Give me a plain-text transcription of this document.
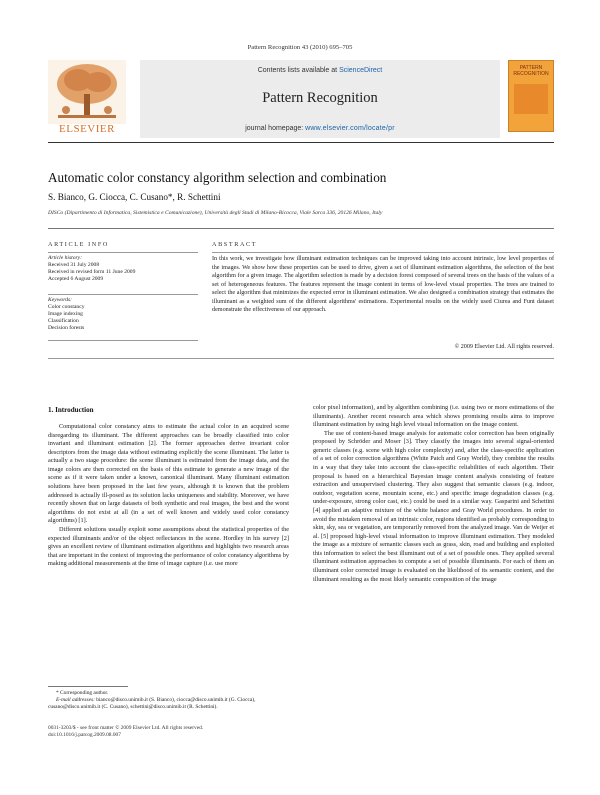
Pattern Recognition 43 (2010) 695–705
Contents lists available at ScienceDirect
Pattern Recognition
journal homepage: www.elsevier.com/locate/pr
ELSEVIER
PATTERN RECOGNITION
Automatic color constancy algorithm selection and combination
S. Bianco, G. Ciocca, C. Cusano*, R. Schettini
DISCo (Dipartimento di Informatica, Sistemistica e Comunicazione), Università degli Studi di Milano-Bicocca, Viale Sarca 336, 20126 Milano, Italy
ARTICLE INFO
Article history:
Received 31 July 2008
Received in revised form 11 June 2009
Accepted 6 August 2009
Keywords:
Color constancy
Image indexing
Classification
Decision forests
ABSTRACT
In this work, we investigate how illuminant estimation techniques can be improved taking into account intrinsic, low level properties of the images. We show how these properties can be used to drive, given a set of illuminant estimation algorithms, the selection of the best algorithm for a given image. The algorithm selection is made by a decision forest composed of several trees on the basis of the values of a set of heterogeneous features. The features represent the image content in terms of low-level visual properties. The trees are trained to select the algorithm that minimizes the expected error in illuminant estimation. We also designed a combination strategy that estimates the illuminant as a weighted sum of the different algorithms' estimations. Experimental results on the widely used Ciurea and Funt dataset demonstrate the effectiveness of our approach.
© 2009 Elsevier Ltd. All rights reserved.
1. Introduction

Computational color constancy aims to estimate the actual color in an acquired scene disregarding its illuminant. The different approaches can be broadly classified into color invariant and illuminant estimation [2]. The former approaches derive invariant color descriptors from the image data without estimating explicitly the scene illuminant. The latter is actually a two stage procedure: the scene illuminant is estimated from the image data, and the image colors are then corrected on the basis of this estimate to generate a new image of the scene as if it were taken under a known, canonical illuminant. Many illuminant estimation solutions have been proposed in the last few years, although it is known that the problem addressed is actually ill-posed as its solution lacks uniqueness and stability. Moreover, we have recently shown that on large datasets of both synthetic and real images, the best and the worst algorithms do not exist at all (in a set of well known and widely used color constancy algorithms) [1].

Different solutions usually exploit some assumptions about the statistical properties of the expected illuminants and/or of the object reflectances in the scene. Hordley in his survey [2] gives an excellent review of illuminant estimation algorithms and highlights two research areas that are important in the context of improving the performance of color constancy algorithms by making additional measurements at the time of image capture (i.e. use more

color pixel information), and by algorithm combining (i.e. using two or more estimations of the illuminants). Another recent research area which shows promising results aims to improve illuminant estimation by using high level visual information on the image content.

The use of content-based image analysis for automatic color correction has been originally proposed by Schröder and Moser [3]. They classify the images into several signal-oriented generic classes (e.g. scene with high color complexity) and, after the class-specific application of a set of color correction algorithms (White Patch and Gray World), they combine the results in a way that they take into account the class-specific reliabilities of each algorithm. Their proposal is based on a hierarchical Bayesian image content analysis consisting of feature extraction and unsupervised clustering. They also suggest that semantic classes (e.g. indoor, outdoor, vegetation scene, mountain scene, etc.) and specific image degradation classes (e.g. under-exposure, strong color cast, etc.) could be used in a similar way. Gasparini and Schettini [4] applied an adaptive mixture of the white balance and Gray World procedures. In order to avoid the mistaken removal of an intrinsic color, regions identified as probably corresponding to skin, sky, sea or vegetation, are temporarily removed from the analyzed image. Van de Weijer et al. [5] proposed high-level visual information to improve illuminant estimation. They modeled the image as a mixture of semantic classes such as grass, skin, road and building and exploited this information to select the best illuminant out of a set of possible ones. They applied several illuminant estimation approaches to compute a set of possible illuminants. For each of them an illuminant color corrected image is evaluated on the likelihood of its semantic content, and the illuminant resulting as the most likely semantic composition of the image

* Corresponding author.
E-mail addresses: bianco@disco.unimib.it (S. Bianco), ciocca@disco.unimib.it (G. Ciocca), cusano@disco.unimib.it (C. Cusano), schettini@disco.unimib.it (R. Schettini).
0031-3203/$ - see front matter © 2009 Elsevier Ltd. All rights reserved.
doi:10.1016/j.patcog.2009.08.007
